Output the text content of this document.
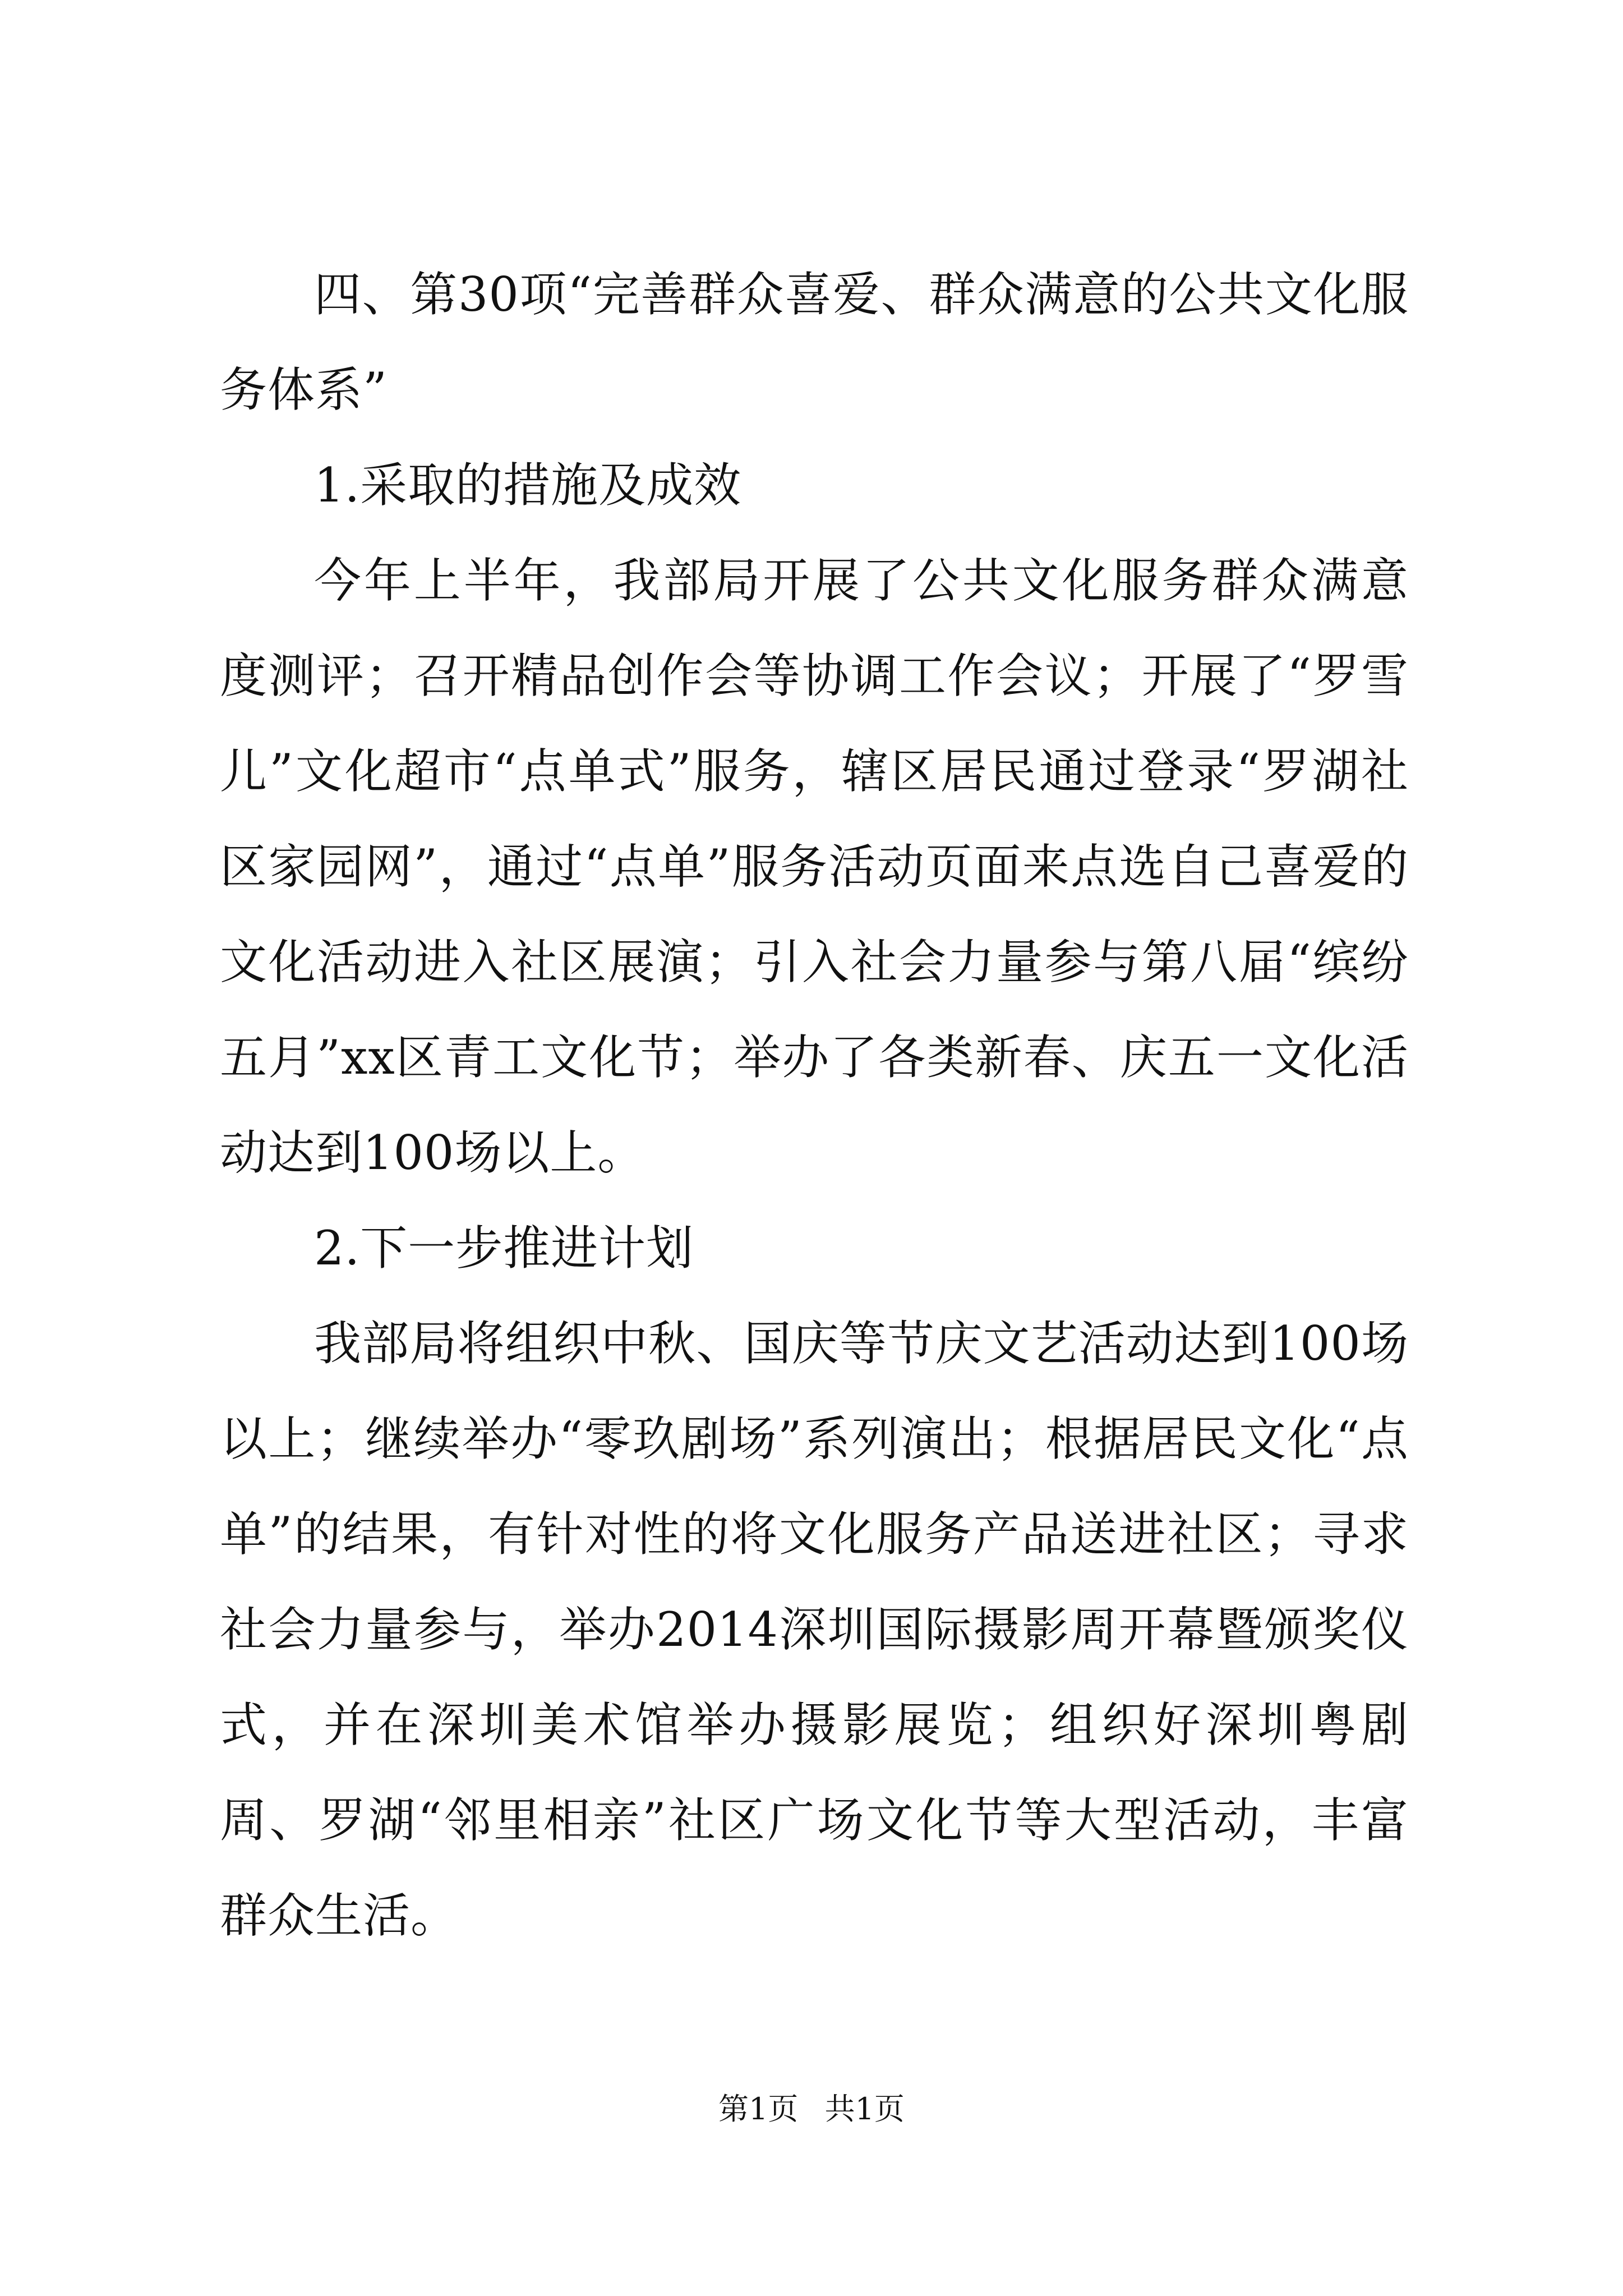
四、第30项“完善群众喜爱、群众满意的公共文化服务体系”

1.采取的措施及成效

今年上半年，我部局开展了公共文化服务群众满意度测评；召开精品创作会等协调工作会议；开展了“罗雪儿”文化超市“点单式”服务，辖区居民通过登录“罗湖社区家园网”，通过“点单”服务活动页面来点选自己喜爱的文化活动进入社区展演；引入社会力量参与第八届“缤纷五月”xx区青工文化节；举办了各类新春、庆五一文化活动达到100场以上。

2.下一步推进计划

我部局将组织中秋、国庆等节庆文艺活动达到100场以上；继续举办“零玖剧场”系列演出；根据居民文化“点单”的结果，有针对性的将文化服务产品送进社区；寻求社会力量参与，举办2014深圳国际摄影周开幕暨颁奖仪式，并在深圳美术馆举办摄影展览；组织好深圳粤剧周、罗湖“邻里相亲”社区广场文化节等大型活动，丰富群众生活。

第1页 共1页
